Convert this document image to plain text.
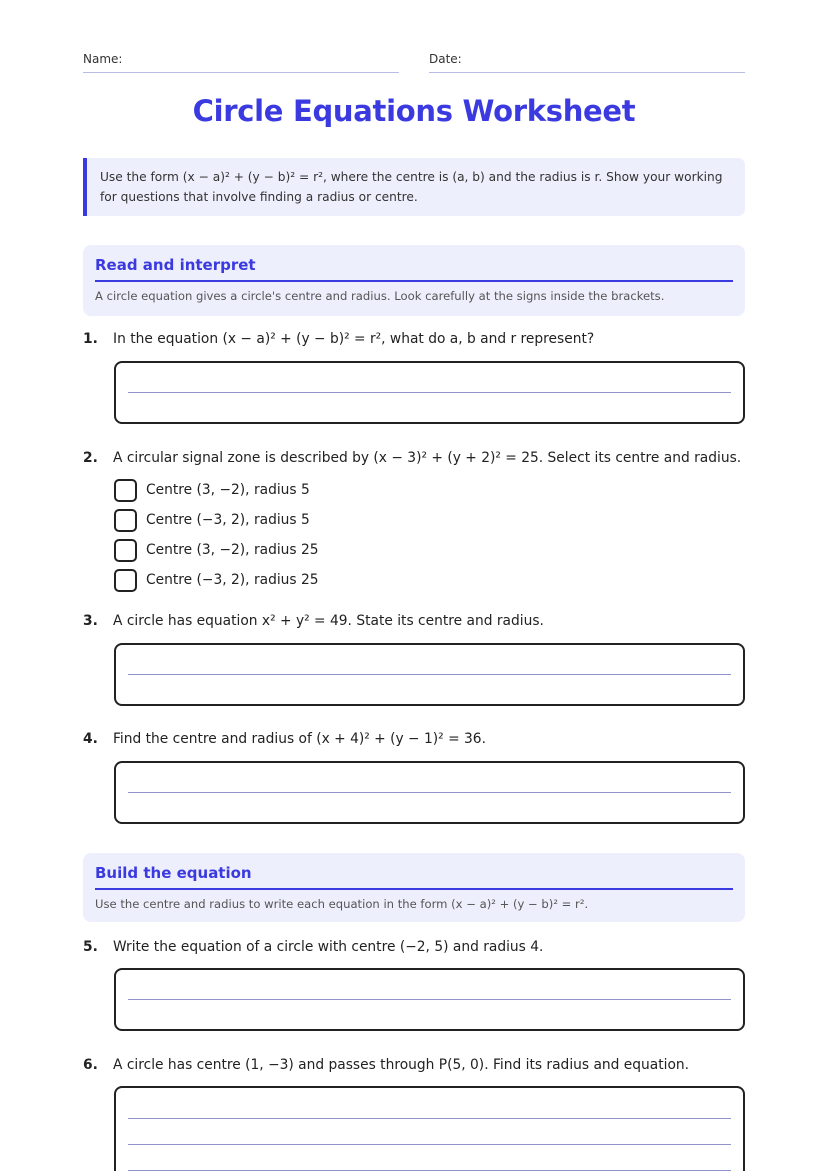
Name:	Date:
Circle Equations Worksheet
Use the form (x − a)² + (y − b)² = r², where the centre is (a, b) and the radius is r. Show your working for questions that involve finding a radius or centre.
Read and interpret
A circle equation gives a circle's centre and radius. Look carefully at the signs inside the brackets.
1. In the equation (x − a)² + (y − b)² = r², what do a, b and r represent?
2. A circular signal zone is described by (x − 3)² + (y + 2)² = 25. Select its centre and radius.
Centre (3, −2), radius 5
Centre (−3, 2), radius 5
Centre (3, −2), radius 25
Centre (−3, 2), radius 25
3. A circle has equation x² + y² = 49. State its centre and radius.
4. Find the centre and radius of (x + 4)² + (y − 1)² = 36.
Build the equation
Use the centre and radius to write each equation in the form (x − a)² + (y − b)² = r².
5. Write the equation of a circle with centre (−2, 5) and radius 4.
6. A circle has centre (1, −3) and passes through P(5, 0). Find its radius and equation.
